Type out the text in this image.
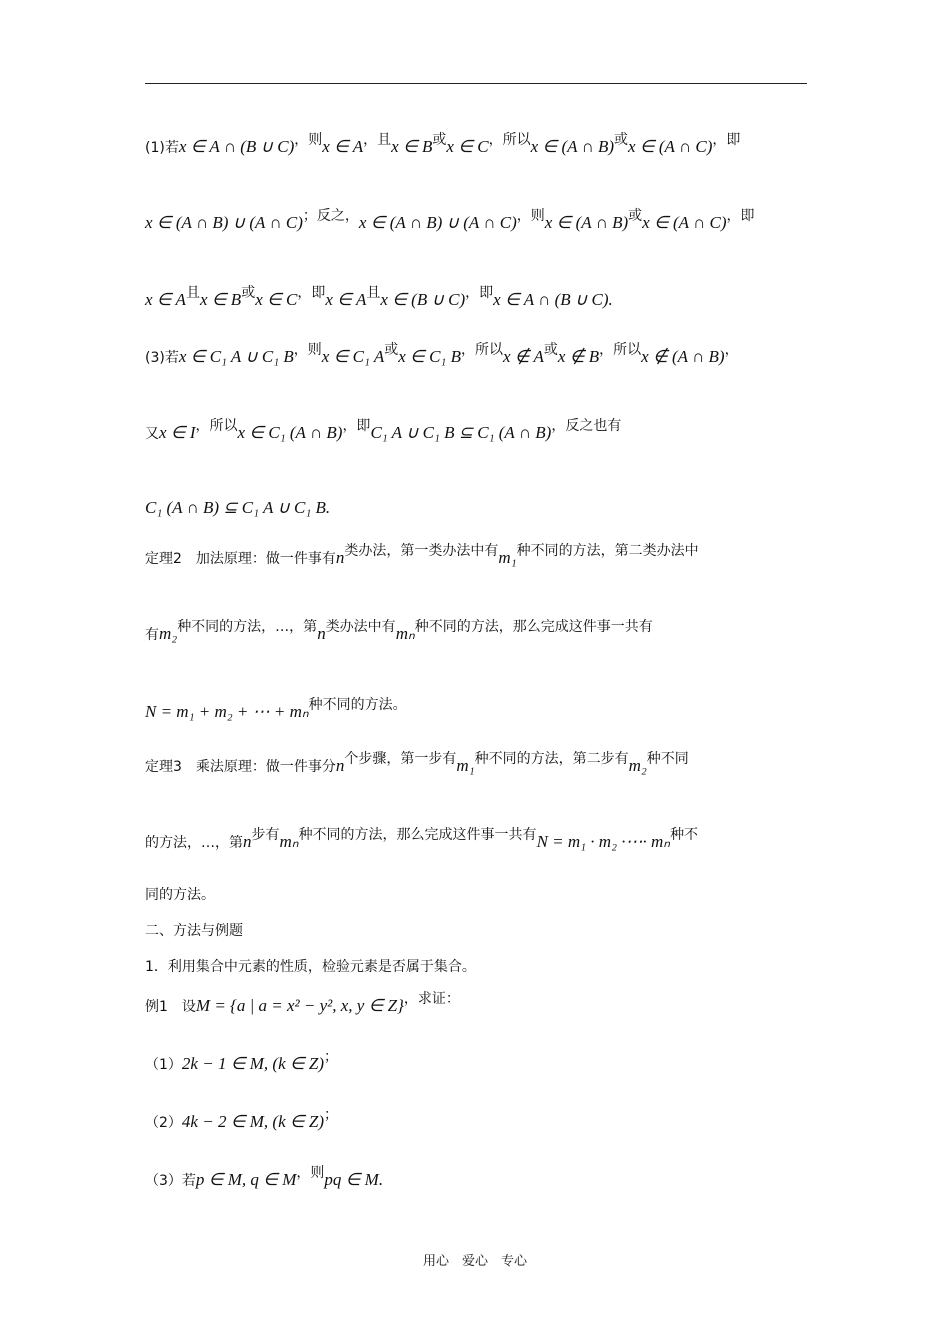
(1)若x ∈ A ∩ (B ∪ C)，则x ∈ A，且x ∈ B或x ∈ C，所以x ∈ (A ∩ B)或x ∈ (A ∩ C)，即
x ∈ (A ∩ B) ∪ (A ∩ C)；反之，x ∈ (A ∩ B) ∪ (A ∩ C)，则x ∈ (A ∩ B)或x ∈ (A ∩ C)，即
x ∈ A且x ∈ B或x ∈ C，即x ∈ A且x ∈ (B ∪ C)，即x ∈ A ∩ (B ∪ C).
(3)若x ∈ C₁ A ∪ C₁ B，则x ∈ C₁ A或x ∈ C₁ B，所以x ∉ A或x ∉ B，所以x ∉ (A ∩ B)，
又x ∈ I，所以x ∈ C₁ (A ∩ B)，即C₁ A ∪ C₁ B ⊆ C₁ (A ∩ B)，反之也有
C₁ (A ∩ B) ⊆ C₁ A ∪ C₁ B.
定理2　加法原理：做一件事有n类办法，第一类办法中有m₁种不同的方法，第二类办法中
有m₂种不同的方法，…，第n类办法中有mₙ种不同的方法，那么完成这件事一共有
N = m₁ + m₂ + ⋯ + mₙ种不同的方法。
定理3　乘法原理：做一件事分n个步骤，第一步有m₁种不同的方法，第二步有m₂种不同
的方法，…，第n步有mₙ种不同的方法，那么完成这件事一共有N = m₁ · m₂ ·⋯· mₙ种不
同的方法。
二、方法与例题
1．利用集合中元素的性质，检验元素是否属于集合。
例1　设M = {a | a = x² − y², x, y ∈ Z}，求证：
（1）2k − 1 ∈ M, (k ∈ Z)；
（2）4k − 2 ∈ M, (k ∈ Z)；
（3）若p ∈ M, q ∈ M，则pq ∈ M.
用心　爱心　专心
